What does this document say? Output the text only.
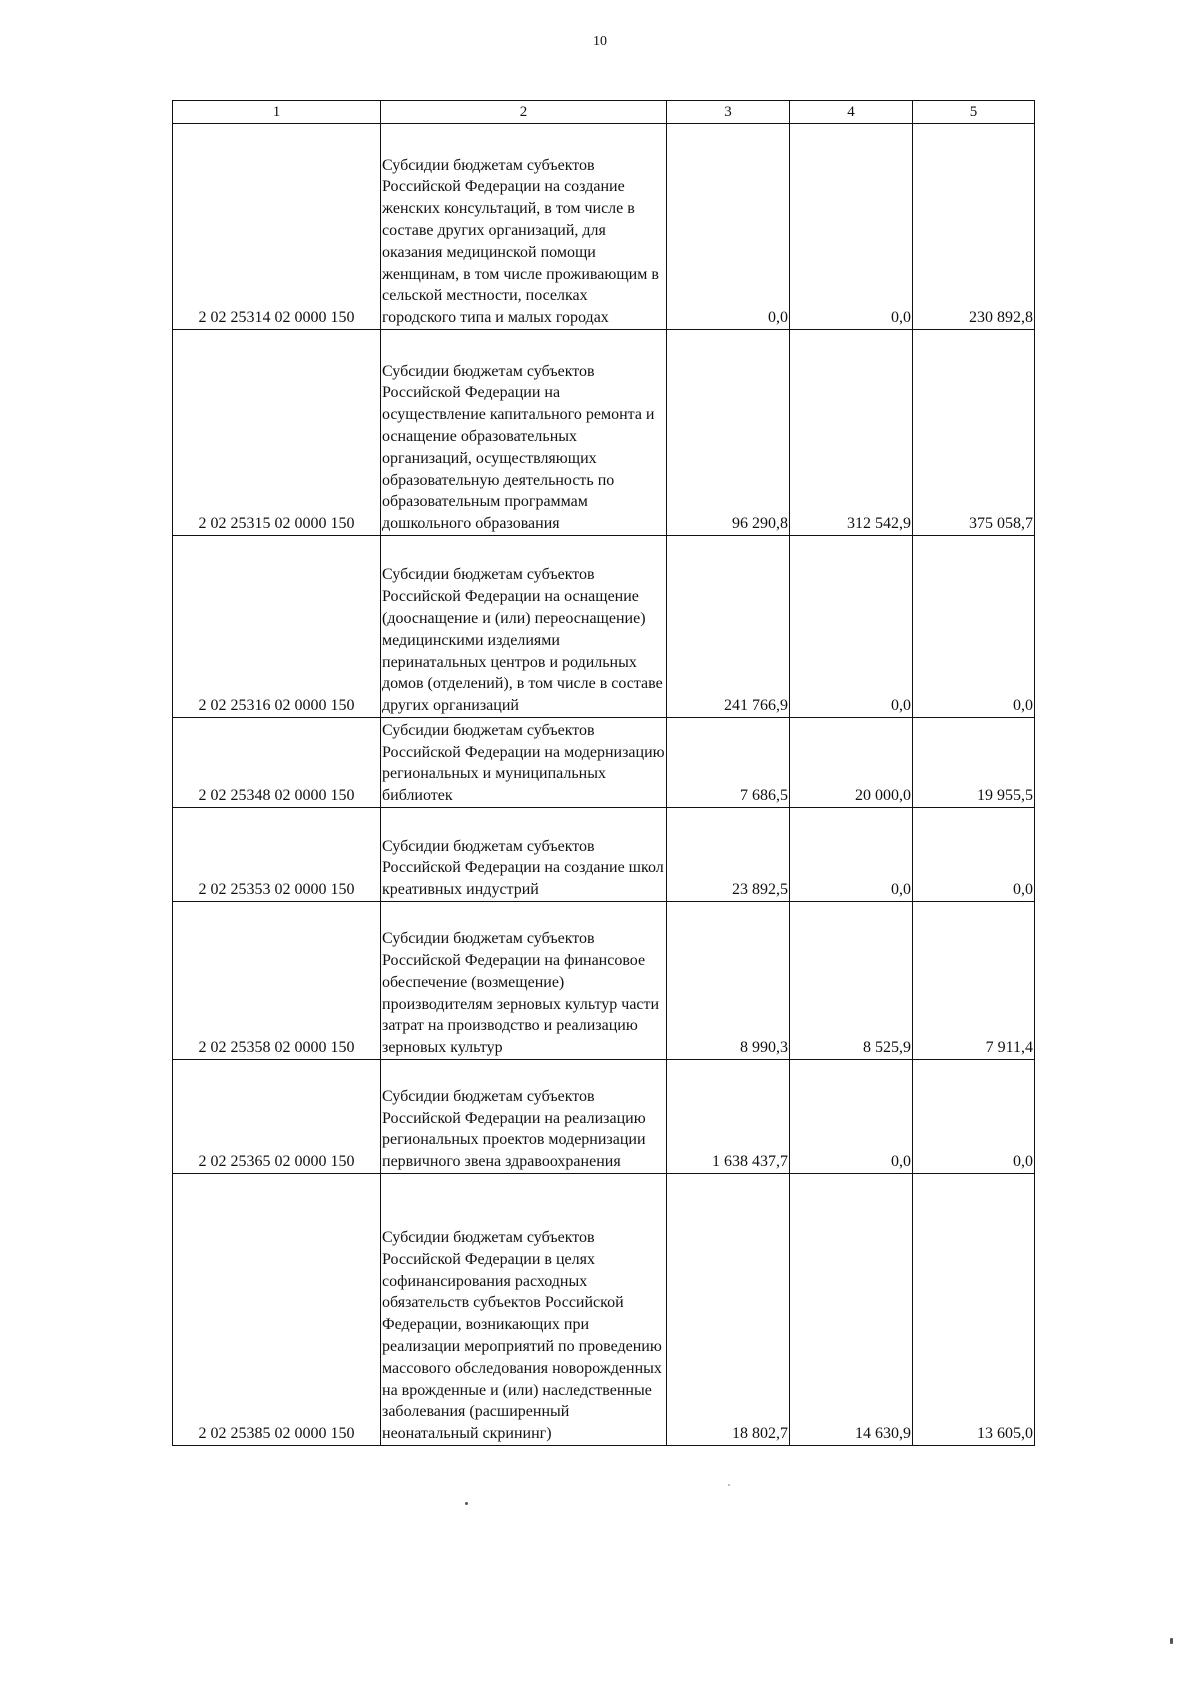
10
1	2	3	4	5
2 02 25314 02 0000 150	Субсидии бюджетам субъектов Российской Федерации на создание женских консультаций, в том числе в составе других организаций, для оказания медицинской помощи женщинам, в том числе проживающим в сельской местности, поселках городского типа и малых городах	0,0	0,0	230 892,8
2 02 25315 02 0000 150	Субсидии бюджетам субъектов Российской Федерации на осуществление капитального ремонта и оснащение образовательных организаций, осуществляющих образовательную деятельность по образовательным программам дошкольного образования	96 290,8	312 542,9	375 058,7
2 02 25316 02 0000 150	Субсидии бюджетам субъектов Российской Федерации на оснащение (дооснащение и (или) переоснащение) медицинскими изделиями перинатальных центров и родильных домов (отделений), в том числе в составе других организаций	241 766,9	0,0	0,0
2 02 25348 02 0000 150	Субсидии бюджетам субъектов Российской Федерации на модернизацию региональных и муниципальных библиотек	7 686,5	20 000,0	19 955,5
2 02 25353 02 0000 150	Субсидии бюджетам субъектов Российской Федерации на создание школ креативных индустрий	23 892,5	0,0	0,0
2 02 25358 02 0000 150	Субсидии бюджетам субъектов Российской Федерации на финансовое обеспечение (возмещение) производителям зерновых культур части затрат на производство и реализацию зерновых культур	8 990,3	8 525,9	7 911,4
2 02 25365 02 0000 150	Субсидии бюджетам субъектов Российской Федерации на реализацию региональных проектов модернизации первичного звена здравоохранения	1 638 437,7	0,0	0,0
2 02 25385 02 0000 150	Субсидии бюджетам субъектов Российской Федерации в целях софинансирования расходных обязательств субъектов Российской Федерации, возникающих при реализации мероприятий по проведению массового обследования новорожденных на врожденные и (или) наследственные заболевания (расширенный неонатальный скрининг)	18 802,7	14 630,9	13 605,0
